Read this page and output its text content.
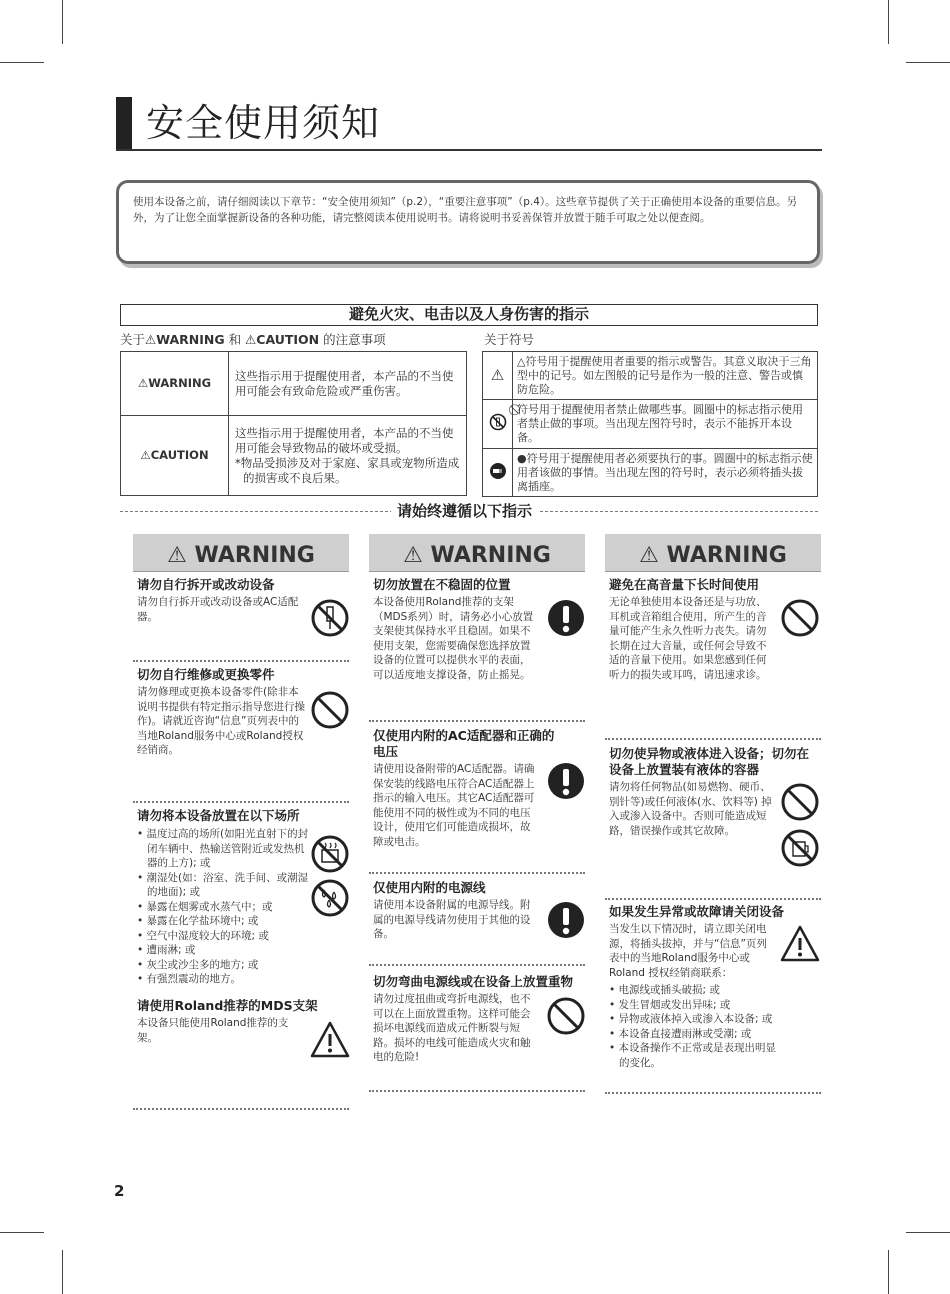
安全使用须知
使用本设备之前，请仔细阅读以下章节：“安全使用须知”（p.2），“重要注意事项”（p.4）。这些章节提供了关于正确使用本设备的重要信息。另外，为了让您全面掌握新设备的各种功能，请完整阅读本使用说明书。请将说明书妥善保管并放置于随手可取之处以便查阅。
避免火灾、电击以及人身伤害的指示
关于⚠WARNING 和 ⚠CAUTION 的注意事项	关于符号
⚠WARNING	这些指示用于提醒使用者，本产品的不当使用可能会有致命危险或严重伤害。
⚠CAUTION	这些指示用于提醒使用者，本产品的不当使用可能会导致物品的破坏或受损。
*物品受损涉及对于家庭、家具或宠物所造成的损害或不良后果。
⚠	△符号用于提醒使用者重要的指示或警告。其意义取决于三角型中的记号。如左图般的记号是作为一般的注意、警告或慎防危险。
	⃠符号用于提醒使用者禁止做哪些事。圆圈中的标志指示使用者禁止做的事项。当出现左图符号时，表示不能拆开本设备。
	●符号用于提醒使用者必须要执行的事。圆圈中的标志指示使用者该做的事情。当出现左图的符号时，表示必须将插头拔离插座。
请始终遵循以下指示
⚠ WARNING	⚠ WARNING	⚠ WARNING
请勿自行拆开或改动设备

请勿自行拆开或改动设备或AC适配器。

切勿自行维修或更换零件

请勿修理或更换本设备零件(除非本说明书提供有特定指示指导您进行操作)。请就近咨询“信息”页列表中的当地Roland服务中心或Roland授权经销商。

请勿将本设备放置在以下场所
• 温度过高的场所(如阳光直射下的封闭车辆中、热输送管附近或发热机器的上方); 或
• 潮湿处(如：浴室、洗手间、或潮湿的地面); 或
• 暴露在烟雾或水蒸气中；或
• 暴露在化学盐环境中; 或
• 空气中湿度较大的环境; 或
• 遭雨淋; 或
• 灰尘或沙尘多的地方; 或
• 有强烈震动的地方。
请使用Roland推荐的MDS支架

本设备只能使用Roland推荐的支架。

切勿放置在不稳固的位置

本设备使用Roland推荐的支架（MDS系列）时，请务必小心放置支架使其保持水平且稳固。如果不使用支架，您需要确保您选择放置设备的位置可以提供水平的表面，可以适度地支撑设备，防止摇晃。

仅使用内附的AC适配器和正确的电压

请使用设备附带的AC适配器。请确保安装的线路电压符合AC适配器上指示的输入电压。其它AC适配器可能使用不同的极性或为不同的电压设计，使用它们可能造成损坏，故障或电击。

仅使用内附的电源线

请使用本设备附属的电源导线。附属的电源导线请勿使用于其他的设备。

切勿弯曲电源线或在设备上放置重物

请勿过度扭曲或弯折电源线，也不可以在上面放置重物。这样可能会损坏电源线而造成元件断裂与短路。损坏的电线可能造成火灾和触电的危险!

避免在高音量下长时间使用

无论单独使用本设备还是与功放、耳机或音箱组合使用，所产生的音量可能产生永久性听力丧失。请勿长期在过大音量，或任何会导致不适的音量下使用。如果您感到任何听力的损失或耳鸣，请迅速求诊。

切勿使异物或液体进入设备；切勿在设备上放置装有液体的容器

请勿将任何物品(如易燃物、硬币、别针等)或任何液体(水、饮料等) 掉入或渗入设备中。否则可能造成短路，错误操作或其它故障。

如果发生异常或故障请关闭设备

当发生以下情况时，请立即关闭电源，将插头拔掉，并与“信息”页列表中的当地Roland服务中心或Roland 授权经销商联系：

• 电源线或插头破损; 或
• 发生冒烟或发出异味; 或
• 异物或液体掉入或渗入本设备; 或
• 本设备直接遭雨淋或受潮; 或
• 本设备操作不正常或是表现出明显的变化。
2
